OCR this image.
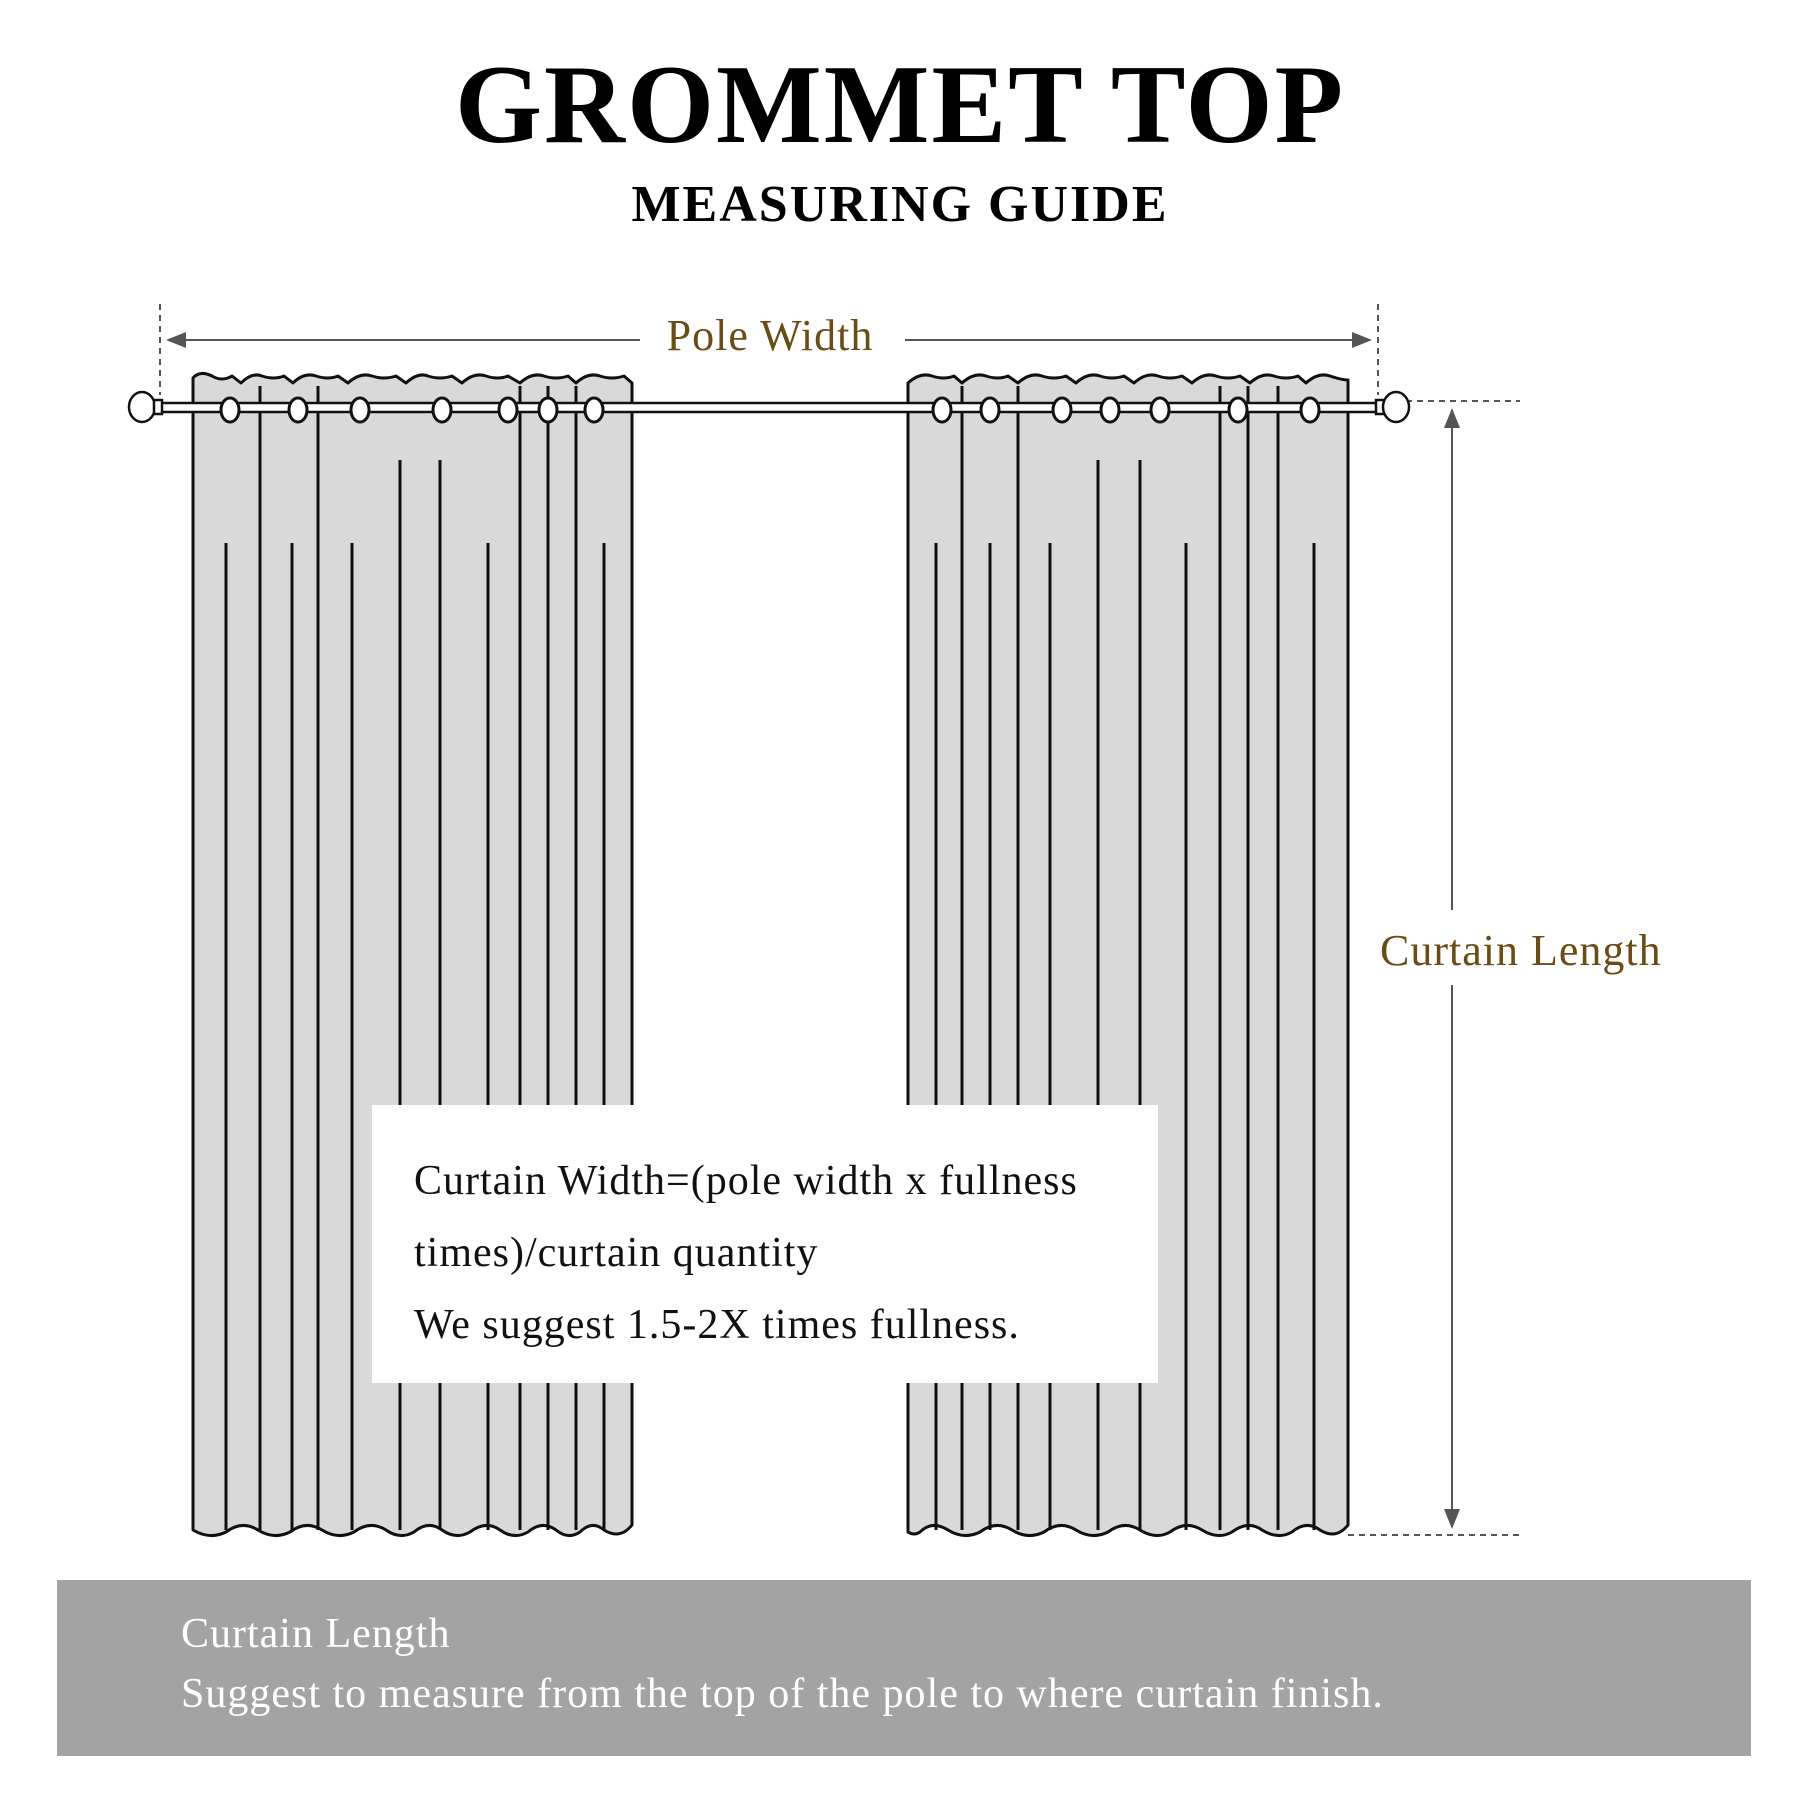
GROMMET TOP
MEASURING GUIDE
Pole Width
Curtain Length
Curtain Width=(pole width x fullness
times)/curtain quantity
We suggest 1.5-2X times fullness.
Curtain Length
Suggest to measure from the top of the pole to where curtain finish.
